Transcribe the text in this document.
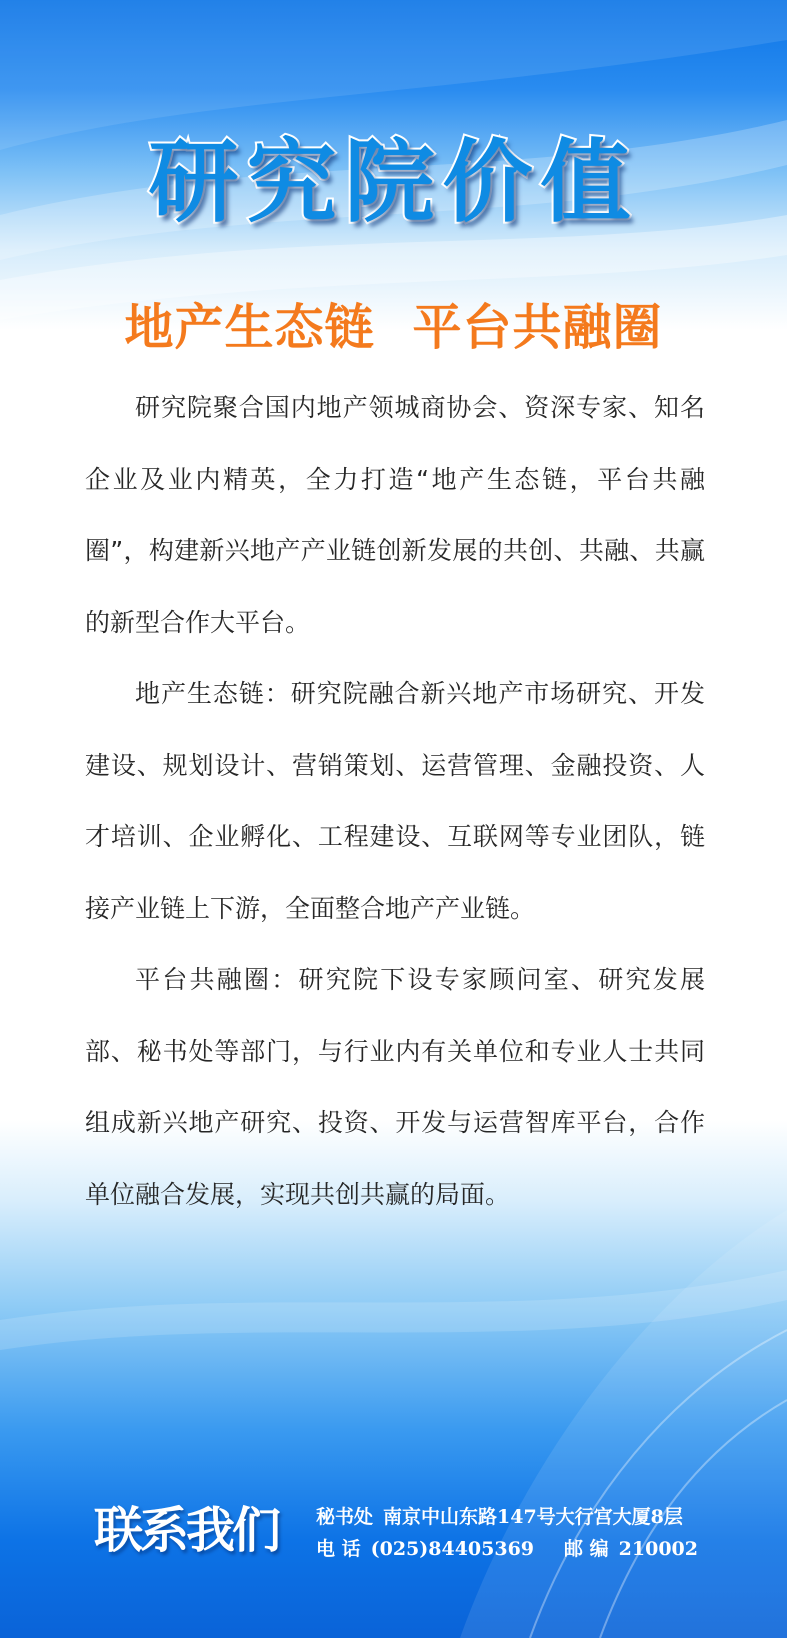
研究院价值
地产生态链 平台共融圈

研究院聚合国内地产领城商协会、资深专家、知名企业及业内精英，全力打造“地产生态链，平台共融圈”，构建新兴地产产业链创新发展的共创、共融、共赢的新型合作大平台。

地产生态链：研究院融合新兴地产市场研究、开发建设、规划设计、营销策划、运营管理、金融投资、人才培训、企业孵化、工程建设、互联网等专业团队，链接产业链上下游，全面整合地产产业链。

平台共融圈：研究院下设专家顾问室、研究发展部、秘书处等部门，与行业内有关单位和专业人士共同组成新兴地产研究、投资、开发与运营智库平台，合作单位融合发展，实现共创共赢的局面。

联系我们 秘书处 南京中山东路147号大行宫大厦8层
电 话 (025)84405369 邮 编 210002
